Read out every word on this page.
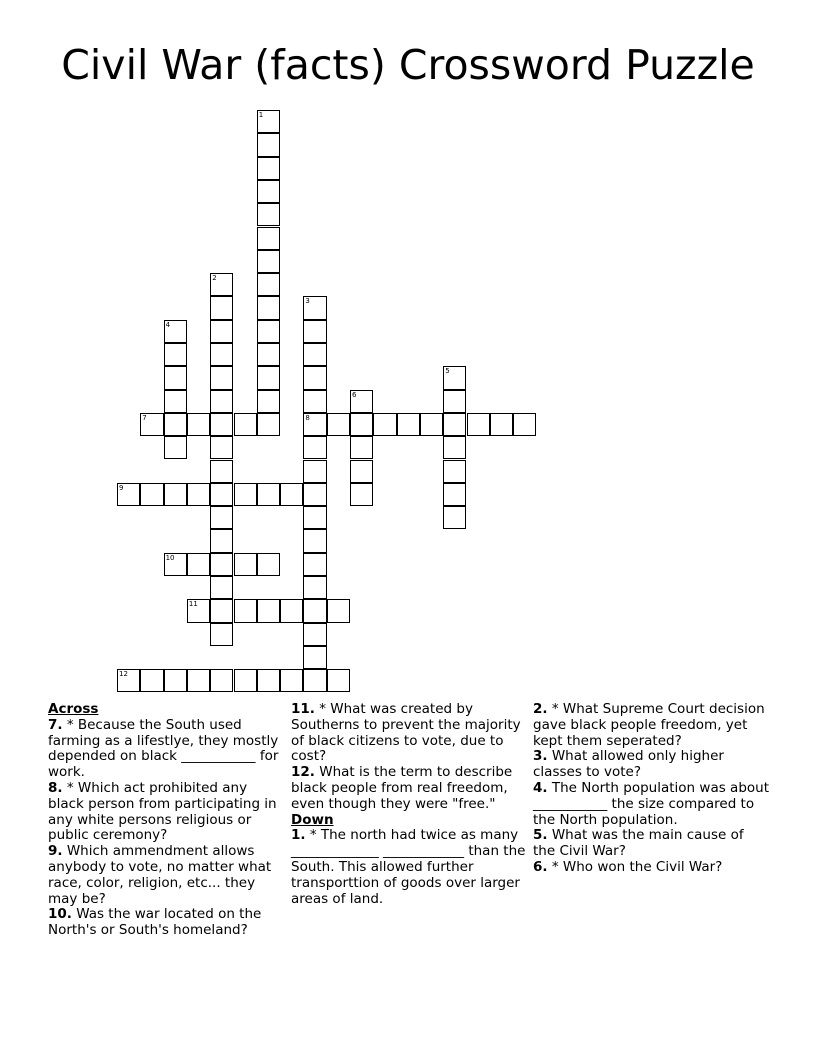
Civil War (facts) Crossword Puzzle
1
2
3
8
4
5
6
7
9
10
11
12
Across
7. * Because the South used farming as a lifestlye, they mostly depended on black ___________ for work.
8. * Which act prohibited any black person from participating in any white persons religious or public ceremony?
9. Which ammendment allows anybody to vote, no matter what race, color, religion, etc... they may be?
10. Was the war located on the North's or South's homeland?
11. * What was created by Southerns to prevent the majority of black citizens to vote, due to cost?
12. What is the term to describe black people from real freedom, even though they were "free."
Down
1. * The north had twice as many _____________ ____________ than the South. This allowed further transporttion of goods over larger areas of land.
2. * What Supreme Court decision gave black people freedom, yet kept them seperated?
3. What allowed only higher classes to vote?
4. The North population was about ___________ the size compared to the North population.
5. What was the main cause of the Civil War?
6. * Who won the Civil War?
